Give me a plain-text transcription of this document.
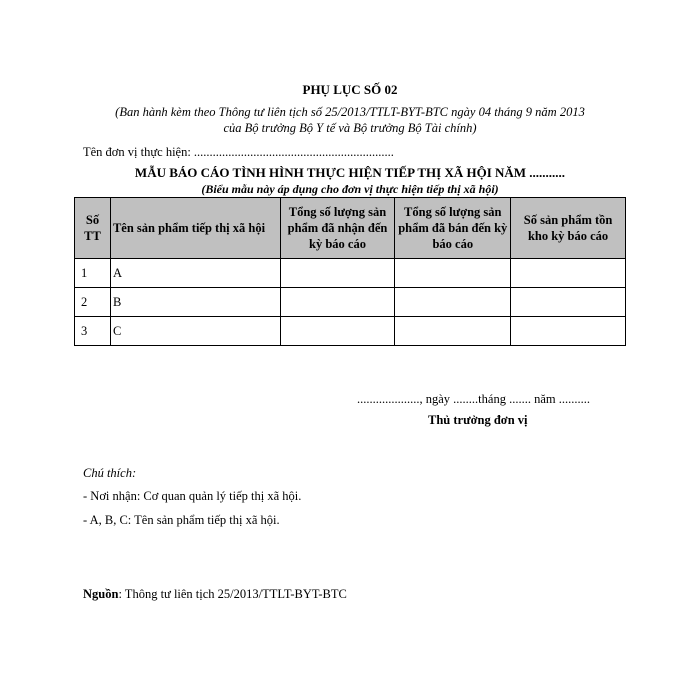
PHỤ LỤC SỐ 02
(Ban hành kèm theo Thông tư liên tịch số 25/2013/TTLT-BYT-BTC ngày 04 tháng 9 năm 2013
của Bộ trưởng Bộ Y tế và Bộ trưởng Bộ Tài chính)
Tên đơn vị thực hiện: ................................................................
MẪU BÁO CÁO TÌNH HÌNH THỰC HIỆN TIẾP THỊ XÃ HỘI NĂM ...........
(Biểu mẫu này áp dụng cho đơn vị thực hiện tiếp thị xã hội)
Số TT	Tên sản phẩm tiếp thị xã hội	Tổng số lượng sản phẩm đã nhận đến kỳ báo cáo	Tổng số lượng sản phẩm đã bán đến kỳ báo cáo	Số sản phẩm tồn kho kỳ báo cáo
1	A			
2	B			
3	C			
...................., ngày ........tháng ....... năm ..........
Thủ trưởng đơn vị
Chú thích:
- Nơi nhận: Cơ quan quản lý tiếp thị xã hội.
- A, B, C: Tên sản phẩm tiếp thị xã hội.
Nguồn: Thông tư liên tịch 25/2013/TTLT-BYT-BTC
